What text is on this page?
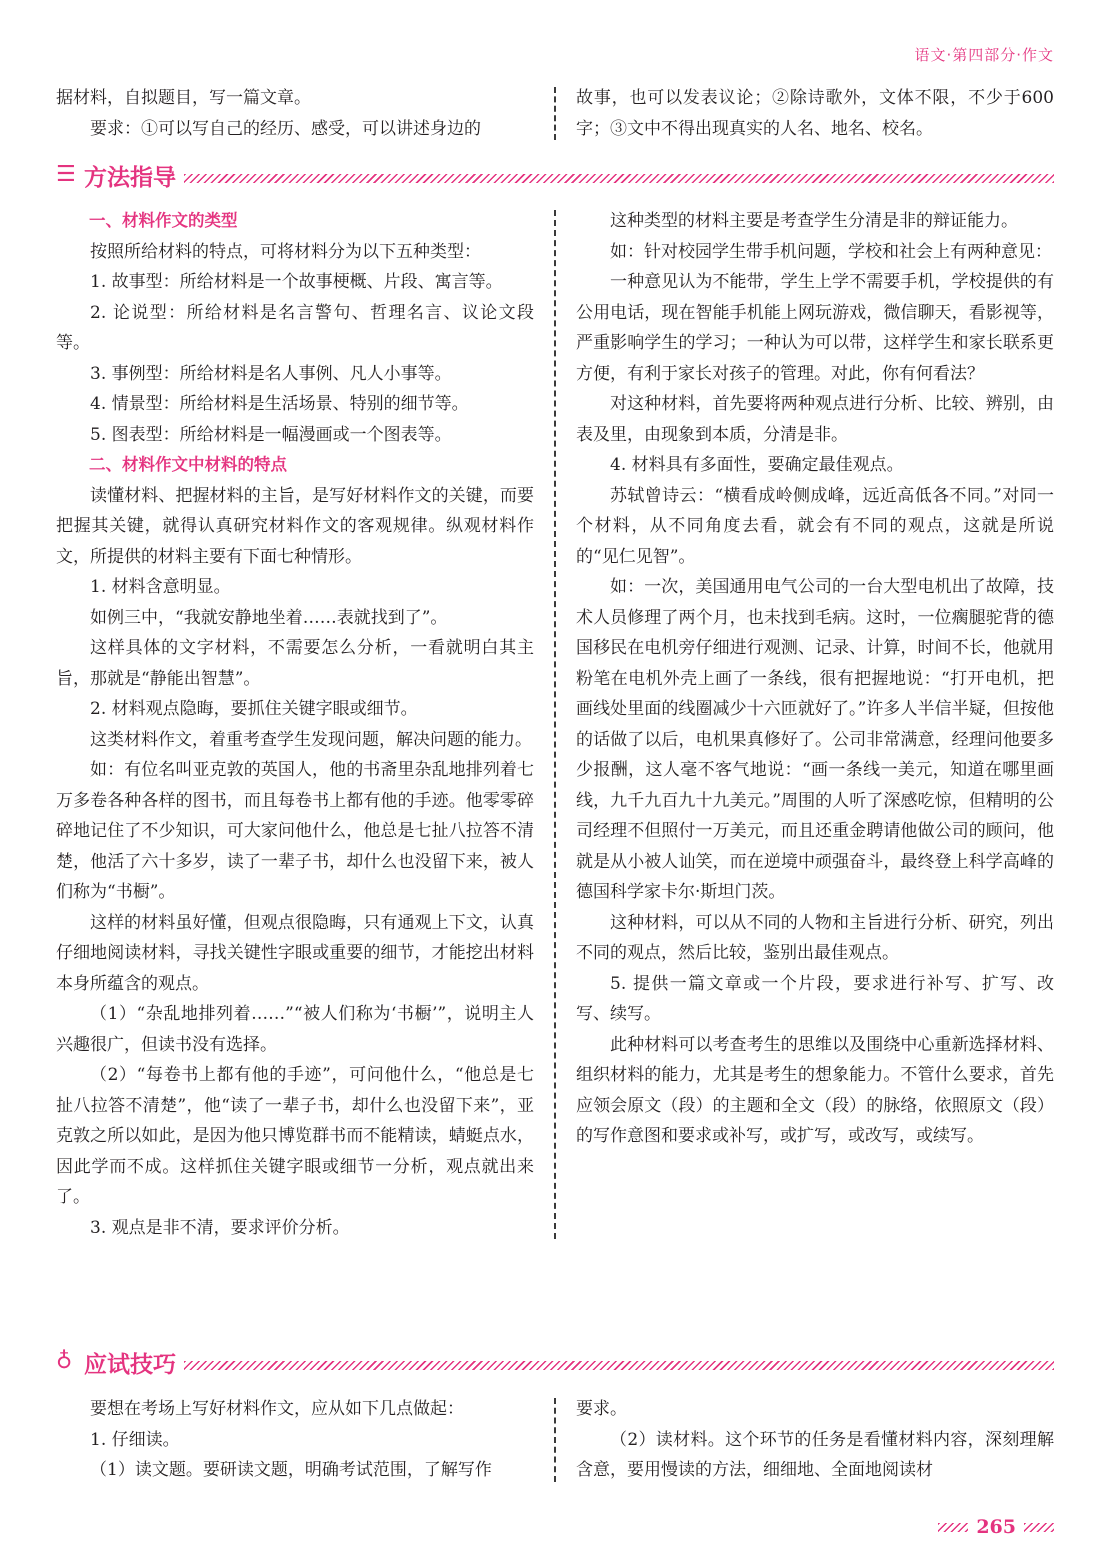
语文·第四部分·作文

据材料，自拟题目，写一篇文章。

要求：①可以写自己的经历、感受，可以讲述身边的

故事，也可以发表议论；②除诗歌外，文体不限，不少于600字；③文中不得出现真实的人名、地名、校名。

☰ 方法指导

一、材料作文的类型

按照所给材料的特点，可将材料分为以下五种类型：

1. 故事型：所给材料是一个故事梗概、片段、寓言等。

2. 论说型：所给材料是名言警句、哲理名言、议论文段等。

3. 事例型：所给材料是名人事例、凡人小事等。

4. 情景型：所给材料是生活场景、特别的细节等。

5. 图表型：所给材料是一幅漫画或一个图表等。

二、材料作文中材料的特点

读懂材料、把握材料的主旨，是写好材料作文的关键，而要把握其关键，就得认真研究材料作文的客观规律。纵观材料作文，所提供的材料主要有下面七种情形。

1. 材料含意明显。

如例三中，“我就安静地坐着……表就找到了”。

这样具体的文字材料，不需要怎么分析，一看就明白其主旨，那就是“静能出智慧”。

2. 材料观点隐晦，要抓住关键字眼或细节。

这类材料作文，着重考查学生发现问题，解决问题的能力。

如：有位名叫亚克敦的英国人，他的书斋里杂乱地排列着七万多卷各种各样的图书，而且每卷书上都有他的手迹。他零零碎碎地记住了不少知识，可大家问他什么，他总是七扯八拉答不清楚，他活了六十多岁，读了一辈子书，却什么也没留下来，被人们称为“书橱”。

这样的材料虽好懂，但观点很隐晦，只有通观上下文，认真仔细地阅读材料，寻找关键性字眼或重要的细节，才能挖出材料本身所蕴含的观点。

（1）“杂乱地排列着……”“被人们称为‘书橱’”，说明主人兴趣很广，但读书没有选择。

（2）“每卷书上都有他的手迹”，可问他什么，“他总是七扯八拉答不清楚”，他“读了一辈子书，却什么也没留下来”，亚克敦之所以如此，是因为他只博览群书而不能精读，蜻蜓点水，因此学而不成。这样抓住关键字眼或细节一分析，观点就出来了。

3. 观点是非不清，要求评价分析。

这种类型的材料主要是考查学生分清是非的辩证能力。

如：针对校园学生带手机问题，学校和社会上有两种意见：

一种意见认为不能带，学生上学不需要手机，学校提供的有公用电话，现在智能手机能上网玩游戏，微信聊天，看影视等，严重影响学生的学习；一种认为可以带，这样学生和家长联系更方便，有利于家长对孩子的管理。对此，你有何看法？

对这种材料，首先要将两种观点进行分析、比较、辨别，由表及里，由现象到本质，分清是非。

4. 材料具有多面性，要确定最佳观点。

苏轼曾诗云：“横看成岭侧成峰，远近高低各不同。”对同一个材料，从不同角度去看，就会有不同的观点，这就是所说的“见仁见智”。

如：一次，美国通用电气公司的一台大型电机出了故障，技术人员修理了两个月，也未找到毛病。这时，一位瘸腿驼背的德国移民在电机旁仔细进行观测、记录、计算，时间不长，他就用粉笔在电机外壳上画了一条线，很有把握地说：“打开电机，把画线处里面的线圈减少十六匝就好了。”许多人半信半疑，但按他的话做了以后，电机果真修好了。公司非常满意，经理问他要多少报酬，这人毫不客气地说：“画一条线一美元，知道在哪里画线，九千九百九十九美元。”周围的人听了深感吃惊，但精明的公司经理不但照付一万美元，而且还重金聘请他做公司的顾问，他就是从小被人讪笑，而在逆境中顽强奋斗，最终登上科学高峰的德国科学家卡尔·斯坦门茨。

这种材料，可以从不同的人物和主旨进行分析、研究，列出不同的观点，然后比较，鉴别出最佳观点。

5. 提供一篇文章或一个片段，要求进行补写、扩写、改写、续写。

此种材料可以考查考生的思维以及围绕中心重新选择材料、组织材料的能力，尤其是考生的想象能力。不管什么要求，首先应领会原文（段）的主题和全文（段）的脉络，依照原文（段）的写作意图和要求或补写，或扩写，或改写，或续写。

♁ 应试技巧

要想在考场上写好材料作文，应从如下几点做起：

1. 仔细读。

（1）读文题。要研读文题，明确考试范围，了解写作

要求。

（2）读材料。这个环节的任务是看懂材料内容，深刻理解含意，要用慢读的方法，细细地、全面地阅读材

265
